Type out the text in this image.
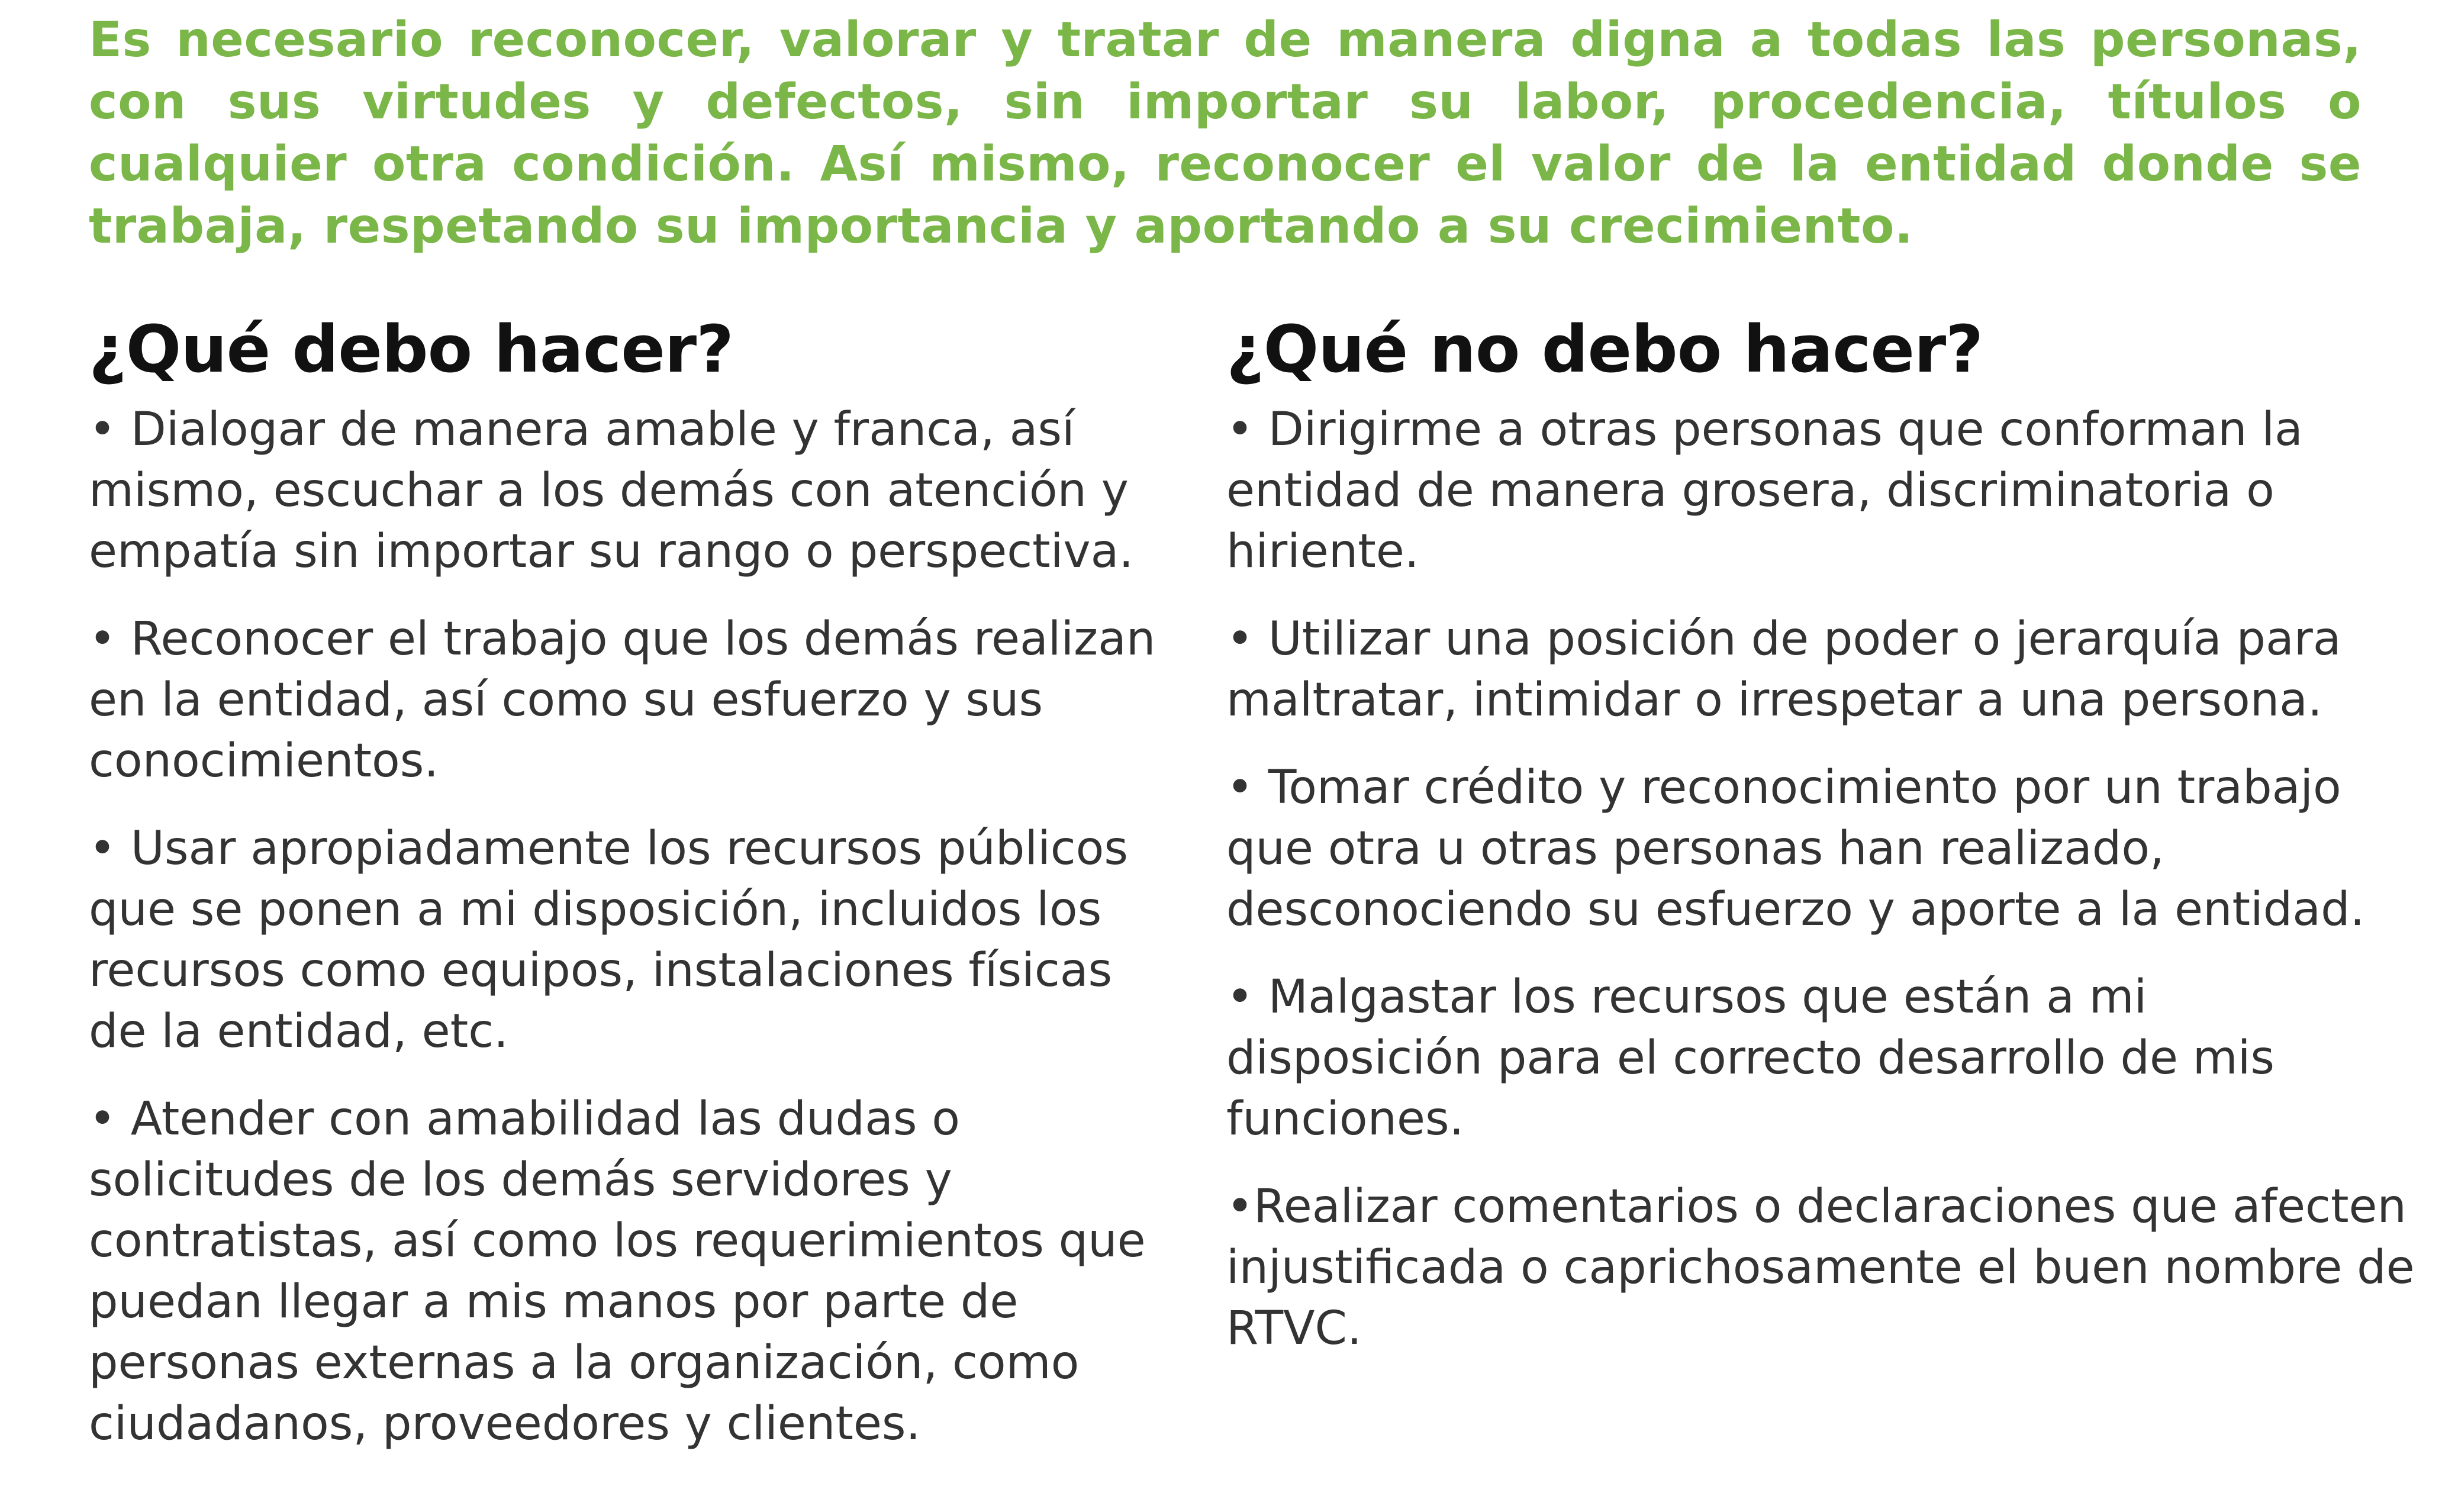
Es necesario reconocer, valorar y tratar de manera digna a todas las personas, con sus virtudes y defectos, sin importar su labor, procedencia, títulos o cualquier otra condición. Así mismo, reconocer el valor de la entidad donde se trabaja, respetando su importancia y aportando a su crecimiento.

¿Qué debo hacer?

• Dialogar de manera amable y franca, así mismo, escuchar a los demás con atención y empatía sin importar su rango o perspectiva.

• Reconocer el trabajo que los demás realizan en la entidad, así como su esfuerzo y sus conocimientos.

• Usar apropiadamente los recursos públicos que se ponen a mi disposición, incluidos los recursos como equipos, instalaciones físicas de la entidad, etc.

• Atender con amabilidad las dudas o solicitudes de los demás servidores y contratistas, así como los requerimientos que puedan llegar a mis manos por parte de personas externas a la organización, como ciudadanos, proveedores y clientes.

¿Qué no debo hacer?

• Dirigirme a otras personas que conforman la entidad de manera grosera, discriminatoria o hiriente.

• Utilizar una posición de poder o jerarquía para maltratar, intimidar o irrespetar a una persona.

• Tomar crédito y reconocimiento por un trabajo que otra u otras personas han realizado, desconociendo su esfuerzo y aporte a la entidad.

• Malgastar los recursos que están a mi disposición para el correcto desarrollo de mis funciones.

•Realizar comentarios o declaraciones que afecten injustificada o caprichosamente el buen nombre de RTVC.
